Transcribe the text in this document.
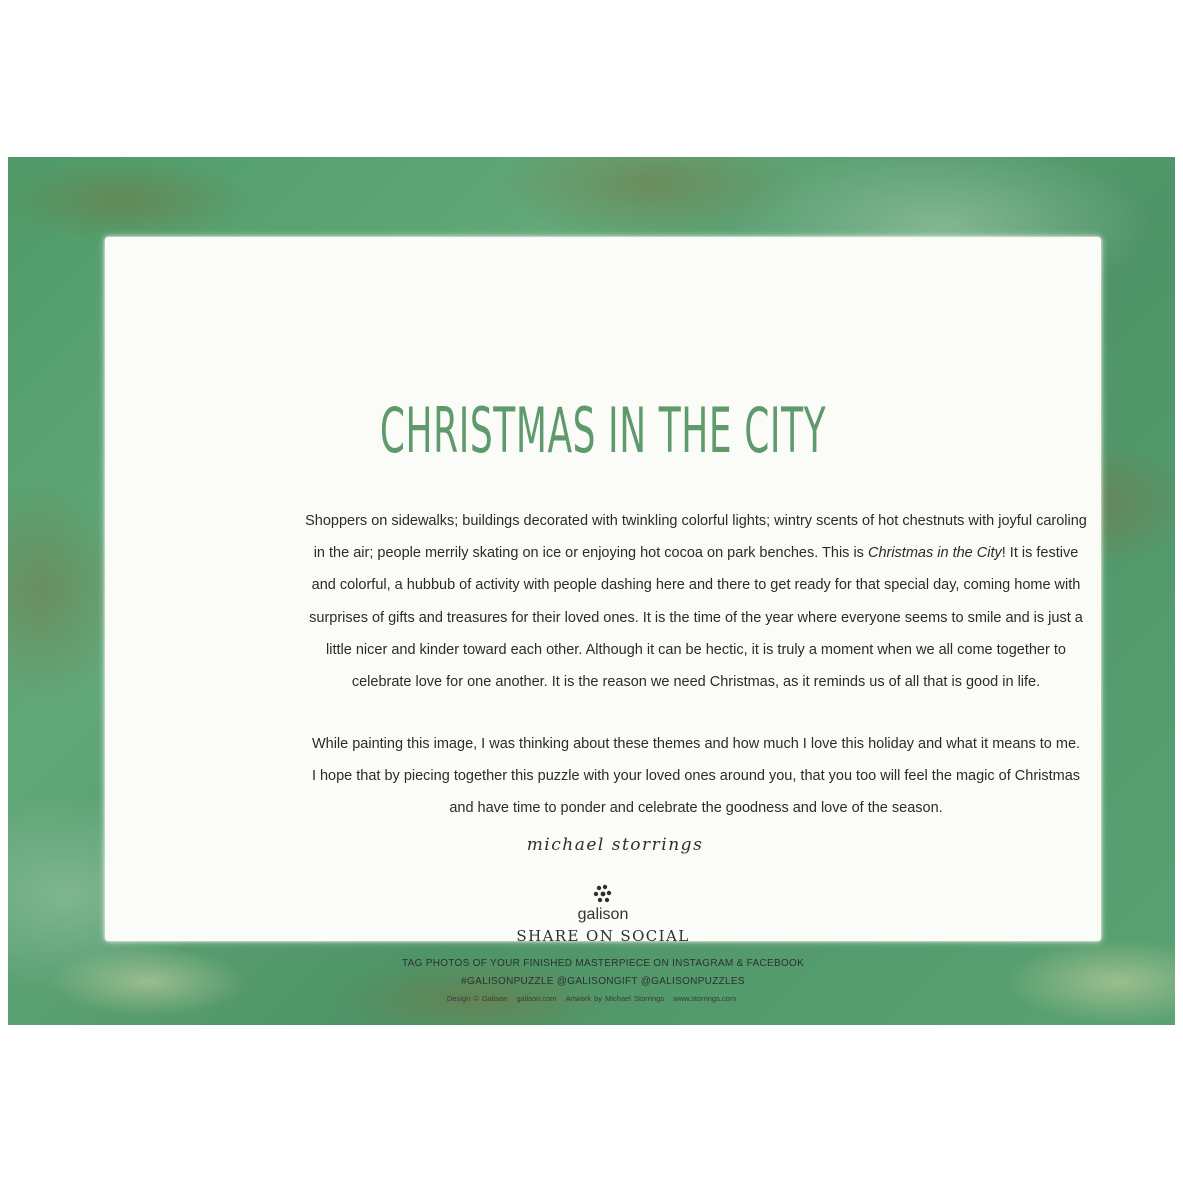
CHRISTMAS IN THE CITY
Shoppers on sidewalks; buildings decorated with twinkling colorful lights; wintry scents of hot chestnuts with joyful caroling
in the air; people merrily skating on ice or enjoying hot cocoa on park benches. This is Christmas in the City! It is festive
and colorful, a hubbub of activity with people dashing here and there to get ready for that special day, coming home with
surprises of gifts and treasures for their loved ones. It is the time of the year where everyone seems to smile and is just a
little nicer and kinder toward each other. Although it can be hectic, it is truly a moment when we all come together to
celebrate love for one another. It is the reason we need Christmas, as it reminds us of all that is good in life.
While painting this image, I was thinking about these themes and how much I love this holiday and what it means to me.
I hope that by piecing together this puzzle with your loved ones around you, that you too will feel the magic of Christmas
and have time to ponder and celebrate the goodness and love of the season.
michael storrings
galison
SHARE ON SOCIAL
TAG PHOTOS OF YOUR FINISHED MASTERPIECE ON INSTAGRAM & FACEBOOK
#GALISONPUZZLE @GALISONGIFT @GALISONPUZZLES
Design © Galison galison.com Artwork by Michael Storrings www.storrings.com
